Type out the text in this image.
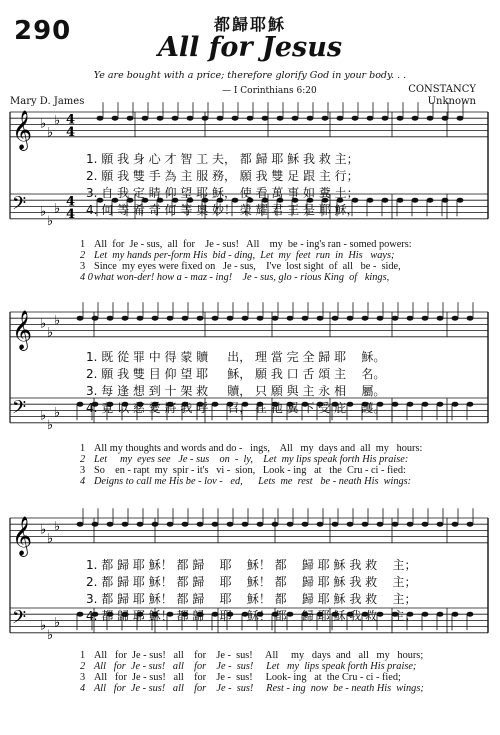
290	都歸耶穌
All for Jesus
Ye are bought with a price; therefore glorify God in your body. . .
— I Corinthians 6:20
Mary D. James
CONSTANCY
Unknown
𝄞 ♭
♭
♭ 4
4
𝄢 ♭
♭
♭ 4
4
𝄞 ♭
♭
♭
𝄢 ♭
♭
♭
𝄞 ♭
♭
♭
𝄢 ♭
♭
♭
1. 願 我 身 心 才 智 工 夫， 都 歸 耶 穌 我 救 主；
2. 願 我 雙 手 為 主 服 務， 願 我 雙 足 跟 主 行；
3. 自 我 定 睛 仰 望 耶 穌， 使 看 萬 事 如 糞 土；
4. 何 等 希 奇 何 等 奧 妙！ 榮 耀 君 王 是 耶 穌，
1 All  for  Je - sus,  all  for    Je - sus!   All    my  be - ing's ran - somed powers:
2 Let  my hands per-form His  bid - ding,  Let  my  feet  run  in  His   ways;
3 Since  my eyes were fixed on   Je - sus,    I've  lost sight  of  all   be -  side,
4 0what won-der! how a - maz - ing!    Je - sus, glo - rious King  of   kings,
1. 既 從 罪 中 得 蒙 贖     出， 理 當 完 全 歸 耶    穌。
2. 願 我 雙 目 仰 望 耶     穌， 願 我 口 舌 頌 主    名。
3. 每 逢 想 到 十 架 救     贖， 只 願 與 主 永 相    屬。
4. 竟 以 慈 愛 將 我 呼     召， 在 祂 翼 下 受 庇    護。
1 All my thoughts and words and do -   ings,    All   my  days and  all  my   hours:
2 Let     my  eyes see   Je - sus    on  -  ly,    Let  my lips speak forth His praise:
3 So    en - rapt  my  spir - it's   vi -  sion,   Look - ing   at   the  Cru - ci - fied:
4 Deigns to call me His be - lov -   ed,      Lets  me  rest   be - neath His  wings:
1. 都 歸 耶 穌！ 都 歸    耶    穌！ 都    歸 耶 穌 我 救    主；
2. 都 歸 耶 穌！ 都 歸    耶    穌！ 都    歸 耶 穌 我 救    主；
3. 都 歸 耶 穌！ 都 歸    耶    穌！ 都    歸 耶 穌 我 救    主；
4. 都 歸 耶 穌！ 都 歸    耶    穌！ 都    歸 耶 穌 我 救    主；
1 All   for  Je - sus!   all    for    Je -  sus!     All     my   days  and   all   my   hours;
2 All   for  Je - sus!   all    for    Je -  sus!     Let   my  lips speak forth His praise;
3 All   for  Je - sus!   all    for    Je -  sus!     Look- ing   at  the Cru - ci - fied;
4 All   for  Je - sus!   all    for    Je -  sus!     Rest - ing  now  be - neath His  wings;
